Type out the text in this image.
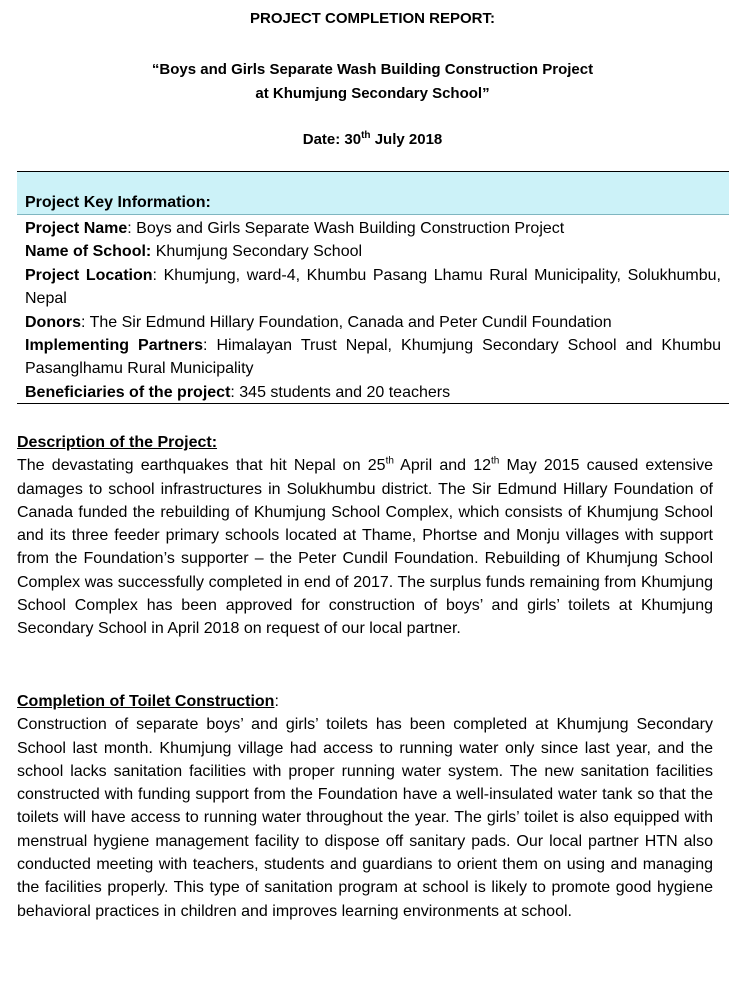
PROJECT COMPLETION REPORT:
“Boys and Girls Separate Wash Building Construction Project
at Khumjung Secondary School”
Date: 30th July 2018
Project Key Information:
Project Name: Boys and Girls Separate Wash Building Construction Project
Name of School: Khumjung Secondary School
Project Location: Khumjung, ward-4, Khumbu Pasang Lhamu Rural Municipality, Solukhumbu, Nepal
Donors: The Sir Edmund Hillary Foundation, Canada and Peter Cundil Foundation
Implementing Partners: Himalayan Trust Nepal, Khumjung Secondary School and Khumbu Pasanglhamu Rural Municipality
Beneficiaries of the project: 345 students and 20 teachers
Description of the Project:

The devastating earthquakes that hit Nepal on 25th April and 12th May 2015 caused extensive damages to school infrastructures in Solukhumbu district. The Sir Edmund Hillary Foundation of Canada funded the rebuilding of Khumjung School Complex, which consists of Khumjung School and its three feeder primary schools located at Thame, Phortse and Monju villages with support from the Foundation’s supporter – the Peter Cundil Foundation. Rebuilding of Khumjung School Complex was successfully completed in end of 2017. The surplus funds remaining from Khumjung School Complex has been approved for construction of boys’ and girls’ toilets at Khumjung Secondary School in April 2018 on request of our local partner.

Completion of Toilet Construction:

Construction of separate boys’ and girls’ toilets has been completed at Khumjung Secondary School last month. Khumjung village had access to running water only since last year, and the school lacks sanitation facilities with proper running water system. The new sanitation facilities constructed with funding support from the Foundation have a well-insulated water tank so that the toilets will have access to running water throughout the year. The girls’ toilet is also equipped with menstrual hygiene management facility to dispose off sanitary pads. Our local partner HTN also conducted meeting with teachers, students and guardians to orient them on using and managing the facilities properly. This type of sanitation program at school is likely to promote good hygiene behavioral practices in children and improves learning environments at school.
